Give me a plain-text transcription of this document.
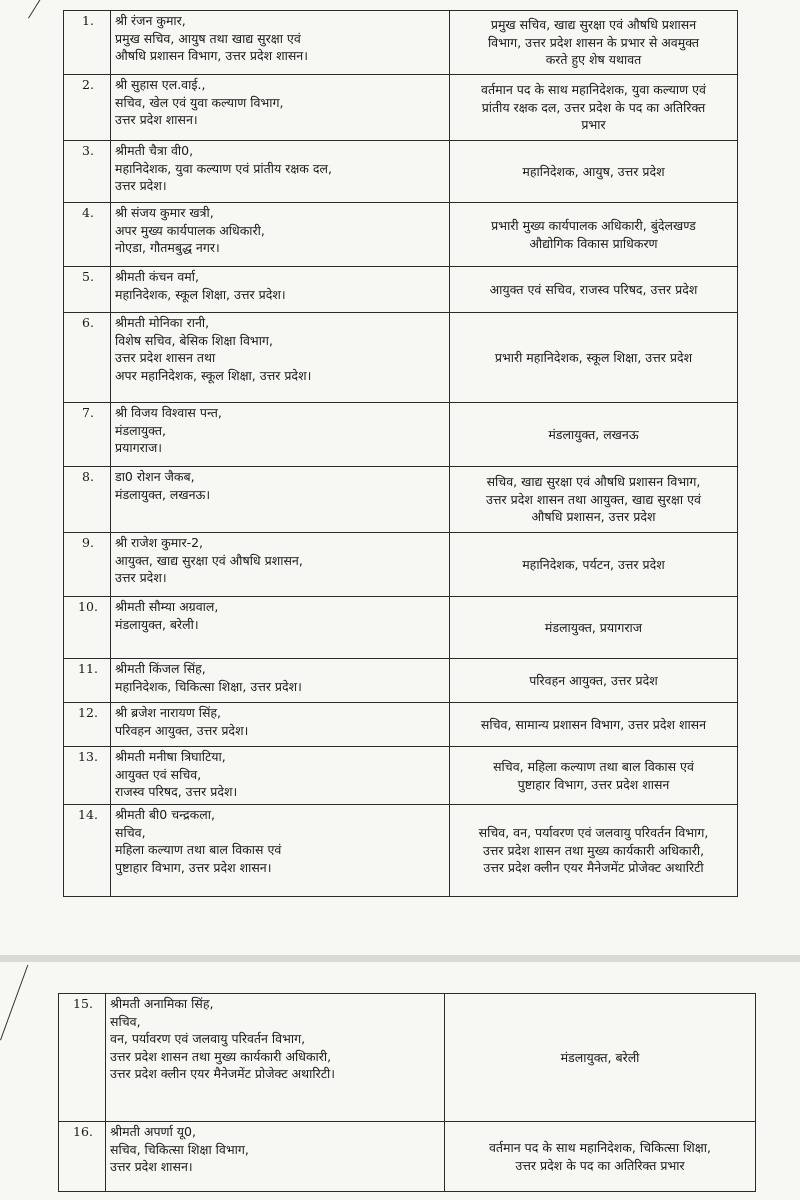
1.	श्री रंजन कुमार,
प्रमुख सचिव, आयुष तथा खाद्य सुरक्षा एवं
औषधि प्रशासन विभाग, उत्तर प्रदेश शासन।	प्रमुख सचिव, खाद्य सुरक्षा एवं औषधि प्रशासन
विभाग, उत्तर प्रदेश शासन के प्रभार से अवमुक्त
करते हुए शेष यथावत

2.	श्री सुहास एल.वाई.,
सचिव, खेल एवं युवा कल्याण विभाग,
उत्तर प्रदेश शासन।	वर्तमान पद के साथ महानिदेशक, युवा कल्याण एवं
प्रांतीय रक्षक दल, उत्तर प्रदेश के पद का अतिरिक्त
प्रभार

3.	श्रीमती चैत्रा वी0,
महानिदेशक, युवा कल्याण एवं प्रांतीय रक्षक दल,
उत्तर प्रदेश।	महानिदेशक, आयुष, उत्तर प्रदेश

4.	श्री संजय कुमार खत्री,
अपर मुख्य कार्यपालक अधिकारी,
नोएडा, गौतमबुद्ध नगर।	प्रभारी मुख्य कार्यपालक अधिकारी, बुंदेलखण्ड
औद्योगिक विकास प्राधिकरण

5.	श्रीमती कंचन वर्मा,
महानिदेशक, स्कूल शिक्षा, उत्तर प्रदेश।	आयुक्त एवं सचिव, राजस्व परिषद, उत्तर प्रदेश

6.	श्रीमती मोनिका रानी,
विशेष सचिव, बेसिक शिक्षा विभाग,
उत्तर प्रदेश शासन तथा
अपर महानिदेशक, स्कूल शिक्षा, उत्तर प्रदेश।	प्रभारी महानिदेशक, स्कूल शिक्षा, उत्तर प्रदेश

7.	श्री विजय विश्वास पन्त,
मंडलायुक्त,
प्रयागराज।	मंडलायुक्त, लखनऊ

8.	डा0 रोशन जैकब,
मंडलायुक्त, लखनऊ।	सचिव, खाद्य सुरक्षा एवं औषधि प्रशासन विभाग,
उत्तर प्रदेश शासन तथा आयुक्त, खाद्य सुरक्षा एवं
औषधि प्रशासन, उत्तर प्रदेश

9.	श्री राजेश कुमार-2,
आयुक्त, खाद्य सुरक्षा एवं औषधि प्रशासन,
उत्तर प्रदेश।	महानिदेशक, पर्यटन, उत्तर प्रदेश

10.	श्रीमती सौम्या अग्रवाल,
मंडलायुक्त, बरेली।	मंडलायुक्त, प्रयागराज

11.	श्रीमती किंजल सिंह,
महानिदेशक, चिकित्सा शिक्षा, उत्तर प्रदेश।	परिवहन आयुक्त, उत्तर प्रदेश

12.	श्री ब्रजेश नारायण सिंह,
परिवहन आयुक्त, उत्तर प्रदेश।	सचिव, सामान्य प्रशासन विभाग, उत्तर प्रदेश शासन

13.	श्रीमती मनीषा त्रिघाटिया,
आयुक्त एवं सचिव,
राजस्व परिषद, उत्तर प्रदेश।	सचिव, महिला कल्याण तथा बाल विकास एवं
पुष्टाहार विभाग, उत्तर प्रदेश शासन

14.	श्रीमती बी0 चन्द्रकला,
सचिव,
महिला कल्याण तथा बाल विकास एवं
पुष्टाहार विभाग, उत्तर प्रदेश शासन।	सचिव, वन, पर्यावरण एवं जलवायु परिवर्तन विभाग,
उत्तर प्रदेश शासन तथा मुख्य कार्यकारी अधिकारी,
उत्तर प्रदेश क्लीन एयर मैनेजमेंट प्रोजेक्ट अथारिटी
15.	श्रीमती अनामिका सिंह,
सचिव,
वन, पर्यावरण एवं जलवायु परिवर्तन विभाग,
उत्तर प्रदेश शासन तथा मुख्य कार्यकारी अधिकारी,
उत्तर प्रदेश क्लीन एयर मैनेजमेंट प्रोजेक्ट अथारिटी।	मंडलायुक्त, बरेली

16.	श्रीमती अपर्णा यू0,
सचिव, चिकित्सा शिक्षा विभाग,
उत्तर प्रदेश शासन।	वर्तमान पद के साथ महानिदेशक, चिकित्सा शिक्षा,
उत्तर प्रदेश के पद का अतिरिक्त प्रभार
